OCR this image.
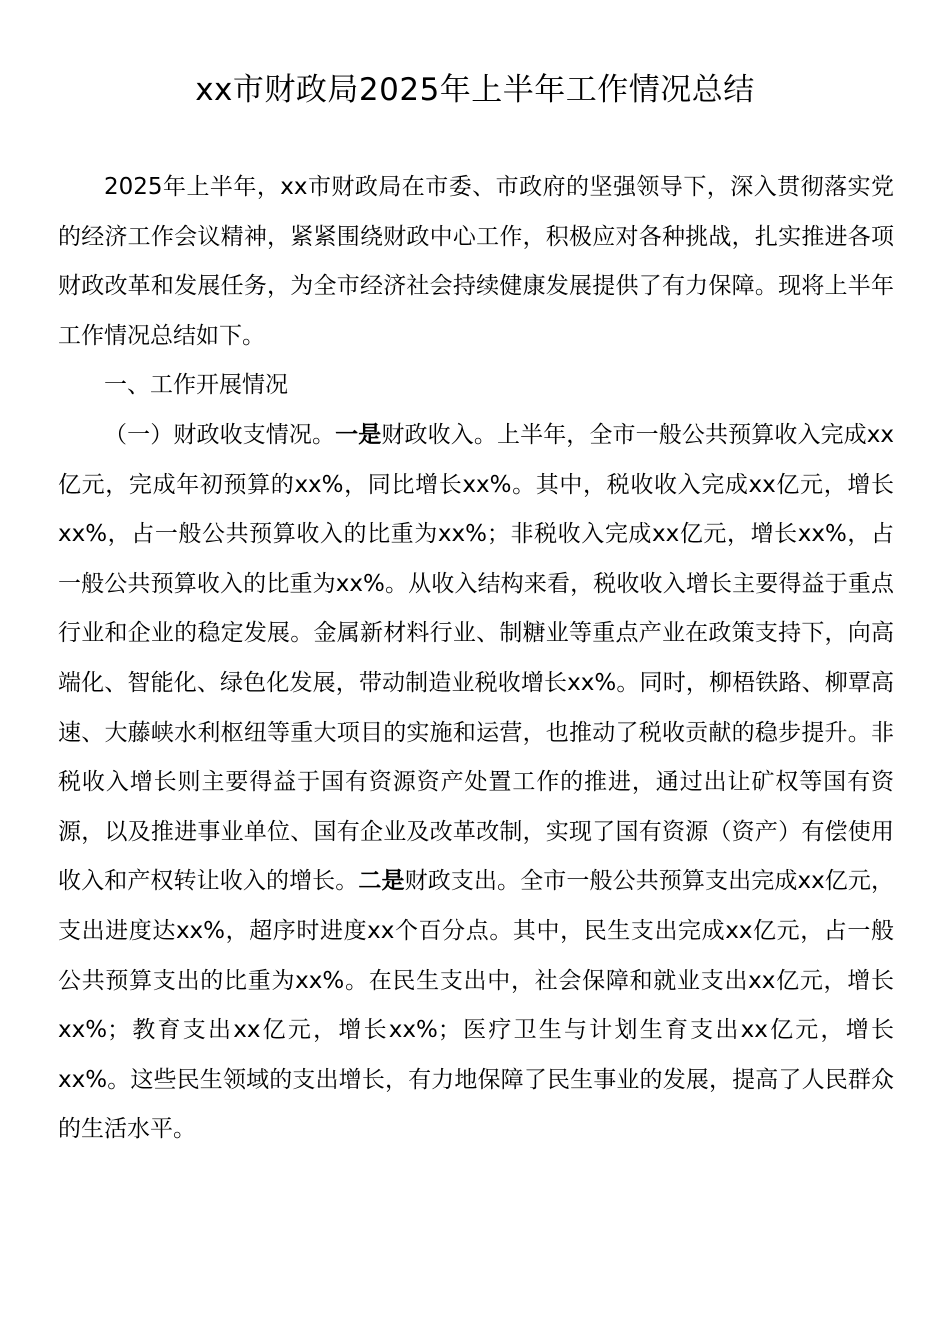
xx市财政局2025年上半年工作情况总结

2025年上半年，xx市财政局在市委、市政府的坚强领导下，深入贯彻落实党的经济工作会议精神，紧紧围绕财政中心工作，积极应对各种挑战，扎实推进各项财政改革和发展任务，为全市经济社会持续健康发展提供了有力保障。现将上半年工作情况总结如下。

一、工作开展情况

（一）财政收支情况。一是财政收入。上半年，全市一般公共预算收入完成xx亿元，完成年初预算的xx%，同比增长xx%。其中，税收收入完成xx亿元，增长xx%，占一般公共预算收入的比重为xx%；非税收入完成xx亿元，增长xx%，占一般公共预算收入的比重为xx%。从收入结构来看，税收收入增长主要得益于重点行业和企业的稳定发展。金属新材料行业、制糖业等重点产业在政策支持下，向高端化、智能化、绿色化发展，带动制造业税收增长xx%。同时，柳梧铁路、柳覃高速、大藤峡水利枢纽等重大项目的实施和运营，也推动了税收贡献的稳步提升。非税收入增长则主要得益于国有资源资产处置工作的推进，通过出让矿权等国有资源，以及推进事业单位、国有企业及改革改制，实现了国有资源（资产）有偿使用收入和产权转让收入的增长。二是财政支出。全市一般公共预算支出完成xx亿元，支出进度达xx%，超序时进度xx个百分点。其中，民生支出完成xx亿元，占一般公共预算支出的比重为xx%。在民生支出中，社会保障和就业支出xx亿元，增长xx%；教育支出xx亿元，增长xx%；医疗卫生与计划生育支出xx亿元，增长xx%。这些民生领域的支出增长，有力地保障了民生事业的发展，提高了人民群众的生活水平。
